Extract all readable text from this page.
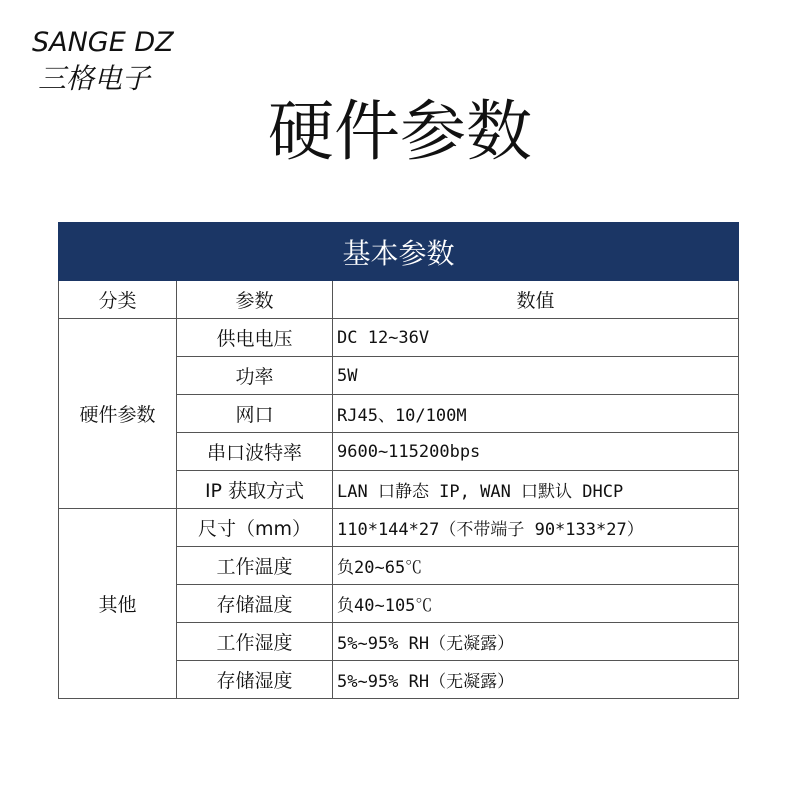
SANGE DZ
三格电子
硬件参数
基本参数		
分类	参数	数值
硬件参数	供电电压	DC 12~36V
	功率	5W
	网口	RJ45、10/100M
	串口波特率	9600~115200bps
	IP 获取方式	LAN 口静态 IP, WAN 口默认 DHCP
其他	尺寸（mm）	110*144*27（不带端子 90*133*27）
	工作温度	负20~65℃
	存储温度	负40~105℃
	工作湿度	5%~95% RH（无凝露）
	存储湿度	5%~95% RH（无凝露）
